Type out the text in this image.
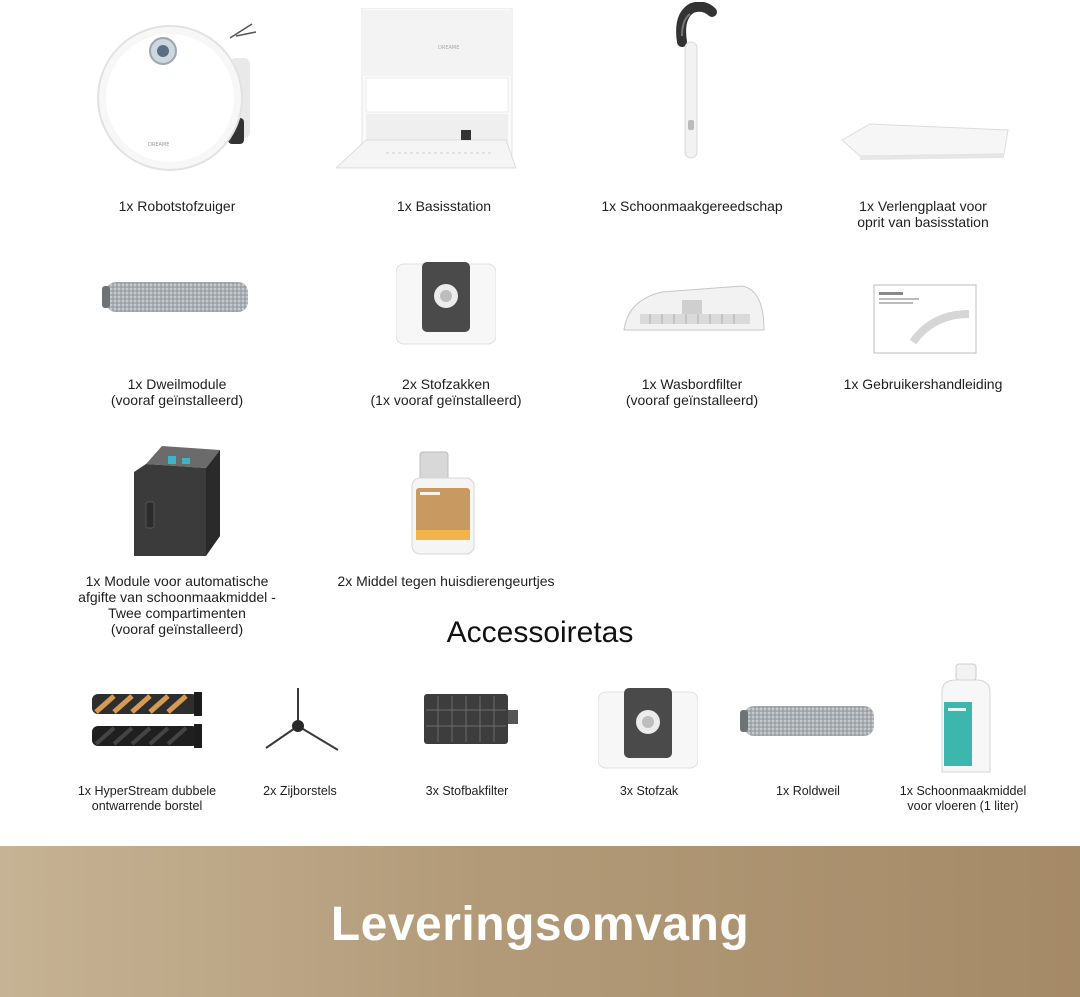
DREAME
DREAME
1x Robotstofzuiger	1x Basisstation	1x Schoonmaakgereedschap	1x Verlengplaat voor
oprit van basisstation
1x Dweilmodule
(vooraf geïnstalleerd)
2x Stofzakken
(1x vooraf geïnstalleerd)
1x Wasbordfilter
(vooraf geïnstalleerd)
1x Gebruikershandleiding
1x Module voor automatische
afgifte van schoonmaakmiddel -
Twee compartimenten
(vooraf geïnstalleerd)
2x Middel tegen huisdierengeurtjes
Accessoiretas
1x HyperStream dubbele
ontwarrende borstel
2x Zijborstels	3x Stofbakfilter	3x Stofzak	1x Roldweil	1x Schoonmaakmiddel
voor vloeren (1 liter)
Leveringsomvang
